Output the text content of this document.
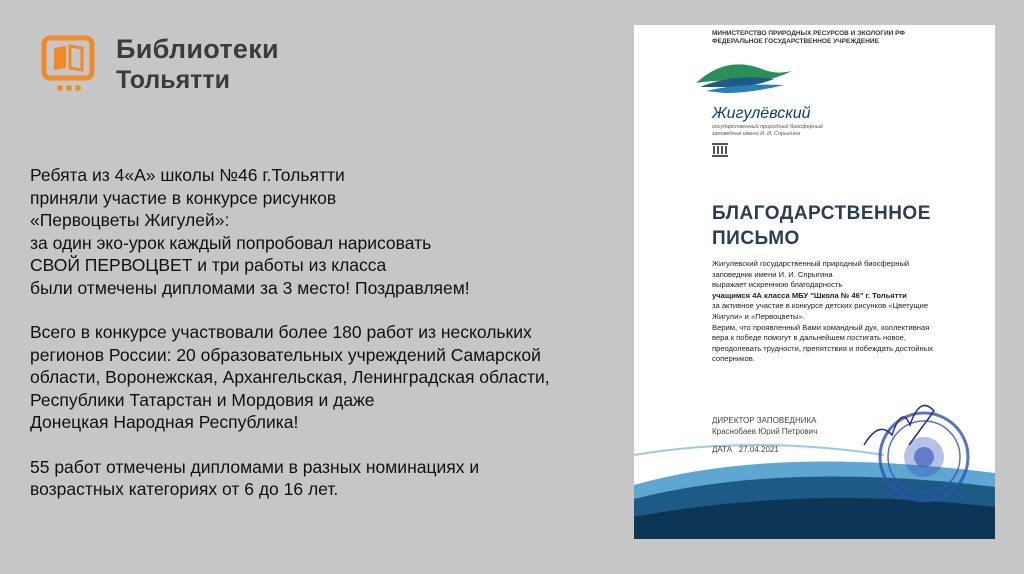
Библиотеки
Тольятти

Ребята из 4«А» школы №46 г.Тольятти
приняли участие в конкурсе рисунков
«Первоцветы Жигулей»:
за один эко-урок каждый попробовал нарисовать
СВОЙ ПЕРВОЦВЕТ и три работы из класса
были отмечены дипломами за 3 место! Поздравляем!

Всего в конкурсе участвовали более 180 работ из нескольких
регионов России: 20 образовательных учреждений Самарской
области, Воронежская, Архангельская, Ленинградская области,
Республики Татарстан и Мордовия и даже
Донецкая Народная Республика!

55 работ отмечены дипломами в разных номинациях и
возрастных категориях от 6 до 16 лет.

МИНИСТЕРСТВО ПРИРОДНЫХ РЕСУРСОВ И ЭКОЛОГИИ РФ
ФЕДЕРАЛЬНОЕ ГОСУДАРСТВЕННОЕ УЧРЕЖДЕНИЕ
Жигулёвский
государственный природный биосферный
заповедник имени И. И. Спрыгина
БЛАГОДАРСТВЕННОЕ
ПИСЬМО
Жигулевский государственный природный биосферный
заповедник имени И. И. Спрыгина
выражает искреннюю благодарность
учащимся 4А класса МБУ "Школа № 46" г. Тольятти
за активное участие в конкурсе детских рисунков «Цветущие
Жигули» и «Первоцветы».
Верим, что проявленный Вами командный дух, коллективная
вера к победе помогут в дальнейшем постигать новое,
преодолевать трудности, препятствия и побеждать достойных
соперников.
ДИРЕКТОР ЗАПОВЕДНИКА
Краснобаев Юрий Петрович
ДАТА 27.04.2021
